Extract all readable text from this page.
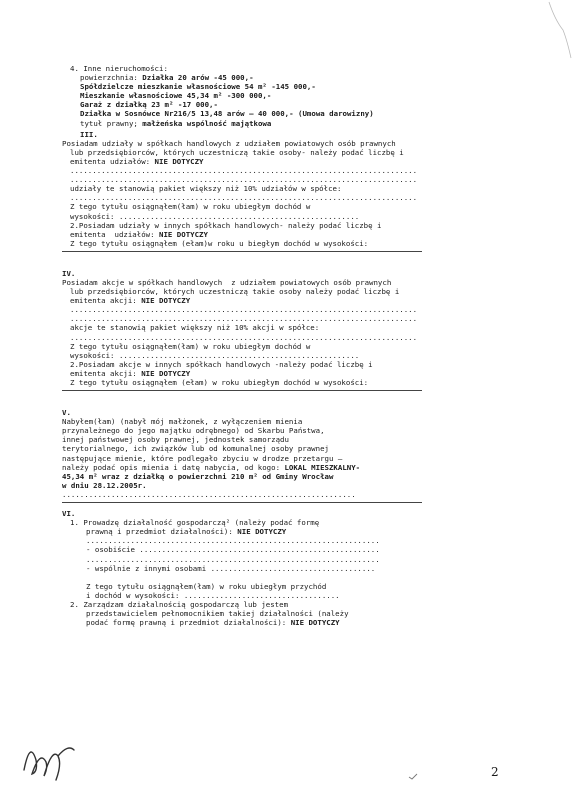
4. Inne nieruchomości:
powierzchnia: Działka 20 arów -45 000,-
Spółdzielcze mieszkanie własnościowe 54 m² -145 000,-
Mieszkanie własnościowe 45,34 m² -300 000,-
Garaż z działką 23 m² -17 000,-
Działka w Sosnówce Nr216/5 13,48 arów – 40 000,- (Umowa darowizny)
tytuł prawny; małżeńska wspólność majątkowa
III.
Posiadam udziały w spółkach handlowych z udziałem powiatowych osób prawnych
lub przedsiębiorców, których uczestniczą takie osoby- należy podać liczbę i
emitenta udziałów: NIE DOTYCZY
..............................................................................
..............................................................................
udziały te stanowią pakiet większy niż 10% udziałów w spółce:
..............................................................................
Z tego tytułu osiągnąłem(łam) w roku ubiegłym dochód w
wysokości: ......................................................
2.Posiadam udziały w innych spółkach handlowych- należy podać liczbę i
emitenta  udziałów: NIE DOTYCZY
Z tego tytułu osiągnąłem (ełam)w roku u biegłym dochód w wysokości:
IV.
Posiadam akcje w spółkach handlowych  z udziałem powiatowych osób prawnych
lub przedsiębiorców, których uczestniczą takie osoby należy podać liczbę i
emitenta akcji: NIE DOTYCZY
..............................................................................
..............................................................................
akcje te stanowią pakiet większy niż 10% akcji w spółce:
..............................................................................
Z tego tytułu osiągnąłem(łam) w roku ubiegłym dochód w
wysokości: ......................................................
2.Posiadam akcje w innych spółkach handlowych -należy podać liczbę i
emitenta akcji: NIE DOTYCZY
Z tego tytułu osiągnąłem (ełam) w roku ubiegłym dochód w wysokości:
V.
Nabyłem(łam) (nabył mój małżonek, z wyłączeniem mienia
przynależnego do jego majątku odrębnego) od Skarbu Państwa,
innej państwowej osoby prawnej, jednostek samorządu
terytorialnego, ich związków lub od komunalnej osoby prawnej
następujące mienie, które podlegało zbyciu w drodze przetargu –
należy podać opis mienia i datę nabycia, od kogo: LOKAL MIESZKALNY-
45,34 m² wraz z działką o powierzchni 210 m² od Gminy Wrocław
w dniu 28.12.2005r.
..................................................................
VI.
1. Prowadzę działalność gospodarczą² (należy podać formę
prawną i przedmiot działalności): NIE DOTYCZY
..................................................................
- osobiście ......................................................
..................................................................
- wspólnie z innymi osobami .....................................
Z tego tytułu osiągnąłem(łam) w roku ubiegłym przychód
i dochód w wysokości: ...................................
2. Zarządzam działalnością gospodarczą lub jestem
przedstawicielem pełnomocnikiem takiej działalności (należy
podać formę prawną i przedmiot działalności): NIE DOTYCZY
2
